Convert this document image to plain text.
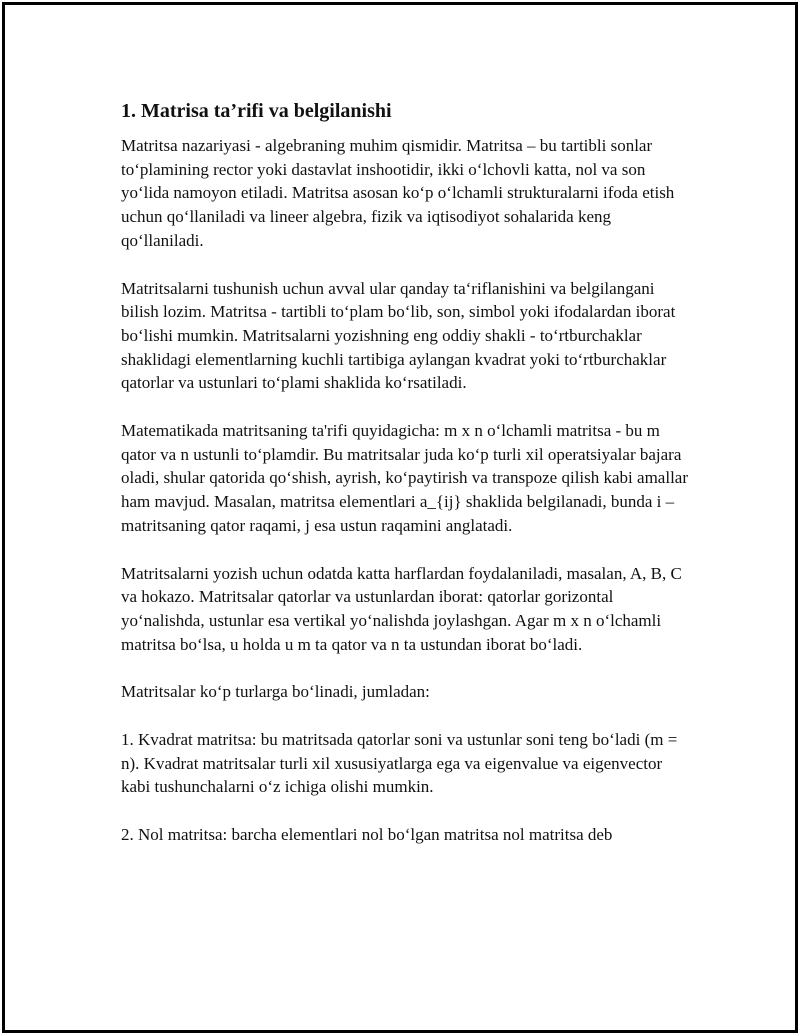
1. Matrisa ta’rifi va belgilanishi

Matritsa nazariyasi - algebraning muhim qismidir. Matritsa – bu tartibli sonlar toʻplamining rector yoki dastavlat inshootidir, ikki oʻlchovli katta, nol va son yoʻlida namoyon etiladi. Matritsa asosan koʻp oʻlchamli strukturalarni ifoda etish uchun qoʻllaniladi va lineer algebra, fizik va iqtisodiyot sohalarida keng qoʻllaniladi.

Matritsalarni tushunish uchun avval ular qanday taʻriflanishini va belgilangani bilish lozim. Matritsa - tartibli toʻplam boʻlib, son, simbol yoki ifodalardan iborat boʻlishi mumkin. Matritsalarni yozishning eng oddiy shakli - toʻrtburchaklar shaklidagi elementlarning kuchli tartibiga aylangan kvadrat yoki toʻrtburchaklar qatorlar va ustunlari toʻplami shaklida koʻrsatiladi.

Matematikada matritsaning ta'rifi quyidagicha: m x n oʻlchamli matritsa - bu m qator va n ustunli toʻplamdir. Bu matritsalar juda koʻp turli xil operatsiyalar bajara oladi, shular qatorida qoʻshish, ayrish, koʻpaytirish va transpoze qilish kabi amallar ham mavjud. Masalan, matritsa elementlari a_{ij} shaklida belgilanadi, bunda i – matritsaning qator raqami, j esa ustun raqamini anglatadi.

Matritsalarni yozish uchun odatda katta harflardan foydalaniladi, masalan, A, B, C va hokazo. Matritsalar qatorlar va ustunlardan iborat: qatorlar gorizontal yoʻnalishda, ustunlar esa vertikal yoʻnalishda joylashgan. Agar m x n oʻlchamli matritsa boʻlsa, u holda u m ta qator va n ta ustundan iborat boʻladi.

Matritsalar koʻp turlarga boʻlinadi, jumladan:

1. Kvadrat matritsa: bu matritsada qatorlar soni va ustunlar soni teng boʻladi (m = n). Kvadrat matritsalar turli xil xususiyatlarga ega va eigenvalue va eigenvector kabi tushunchalarni oʻz ichiga olishi mumkin.

2. Nol matritsa: barcha elementlari nol boʻlgan matritsa nol matritsa deb
